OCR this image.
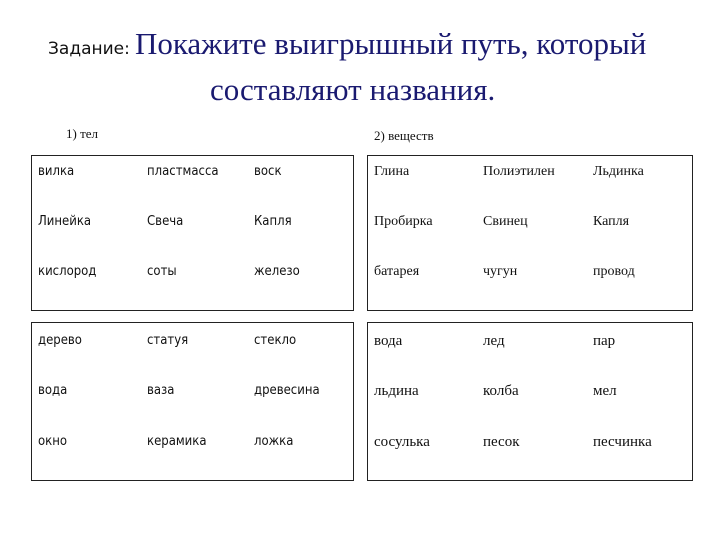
Задание: Покажите выигрышный путь, который
составляют названия.
1) тел	2) веществ
вилка	пластмасса	воск
Линейка	Свеча	Капля
кислород	соты	железо
Глина	Полиэтилен	Льдинка
Пробирка	Свинец	Капля
батарея	чугун	провод
дерево	статуя	стекло
вода	ваза	древесина
окно	керамика	ложка
вода	лед	пар
льдина	колба	мел
сосулька	песок	песчинка
